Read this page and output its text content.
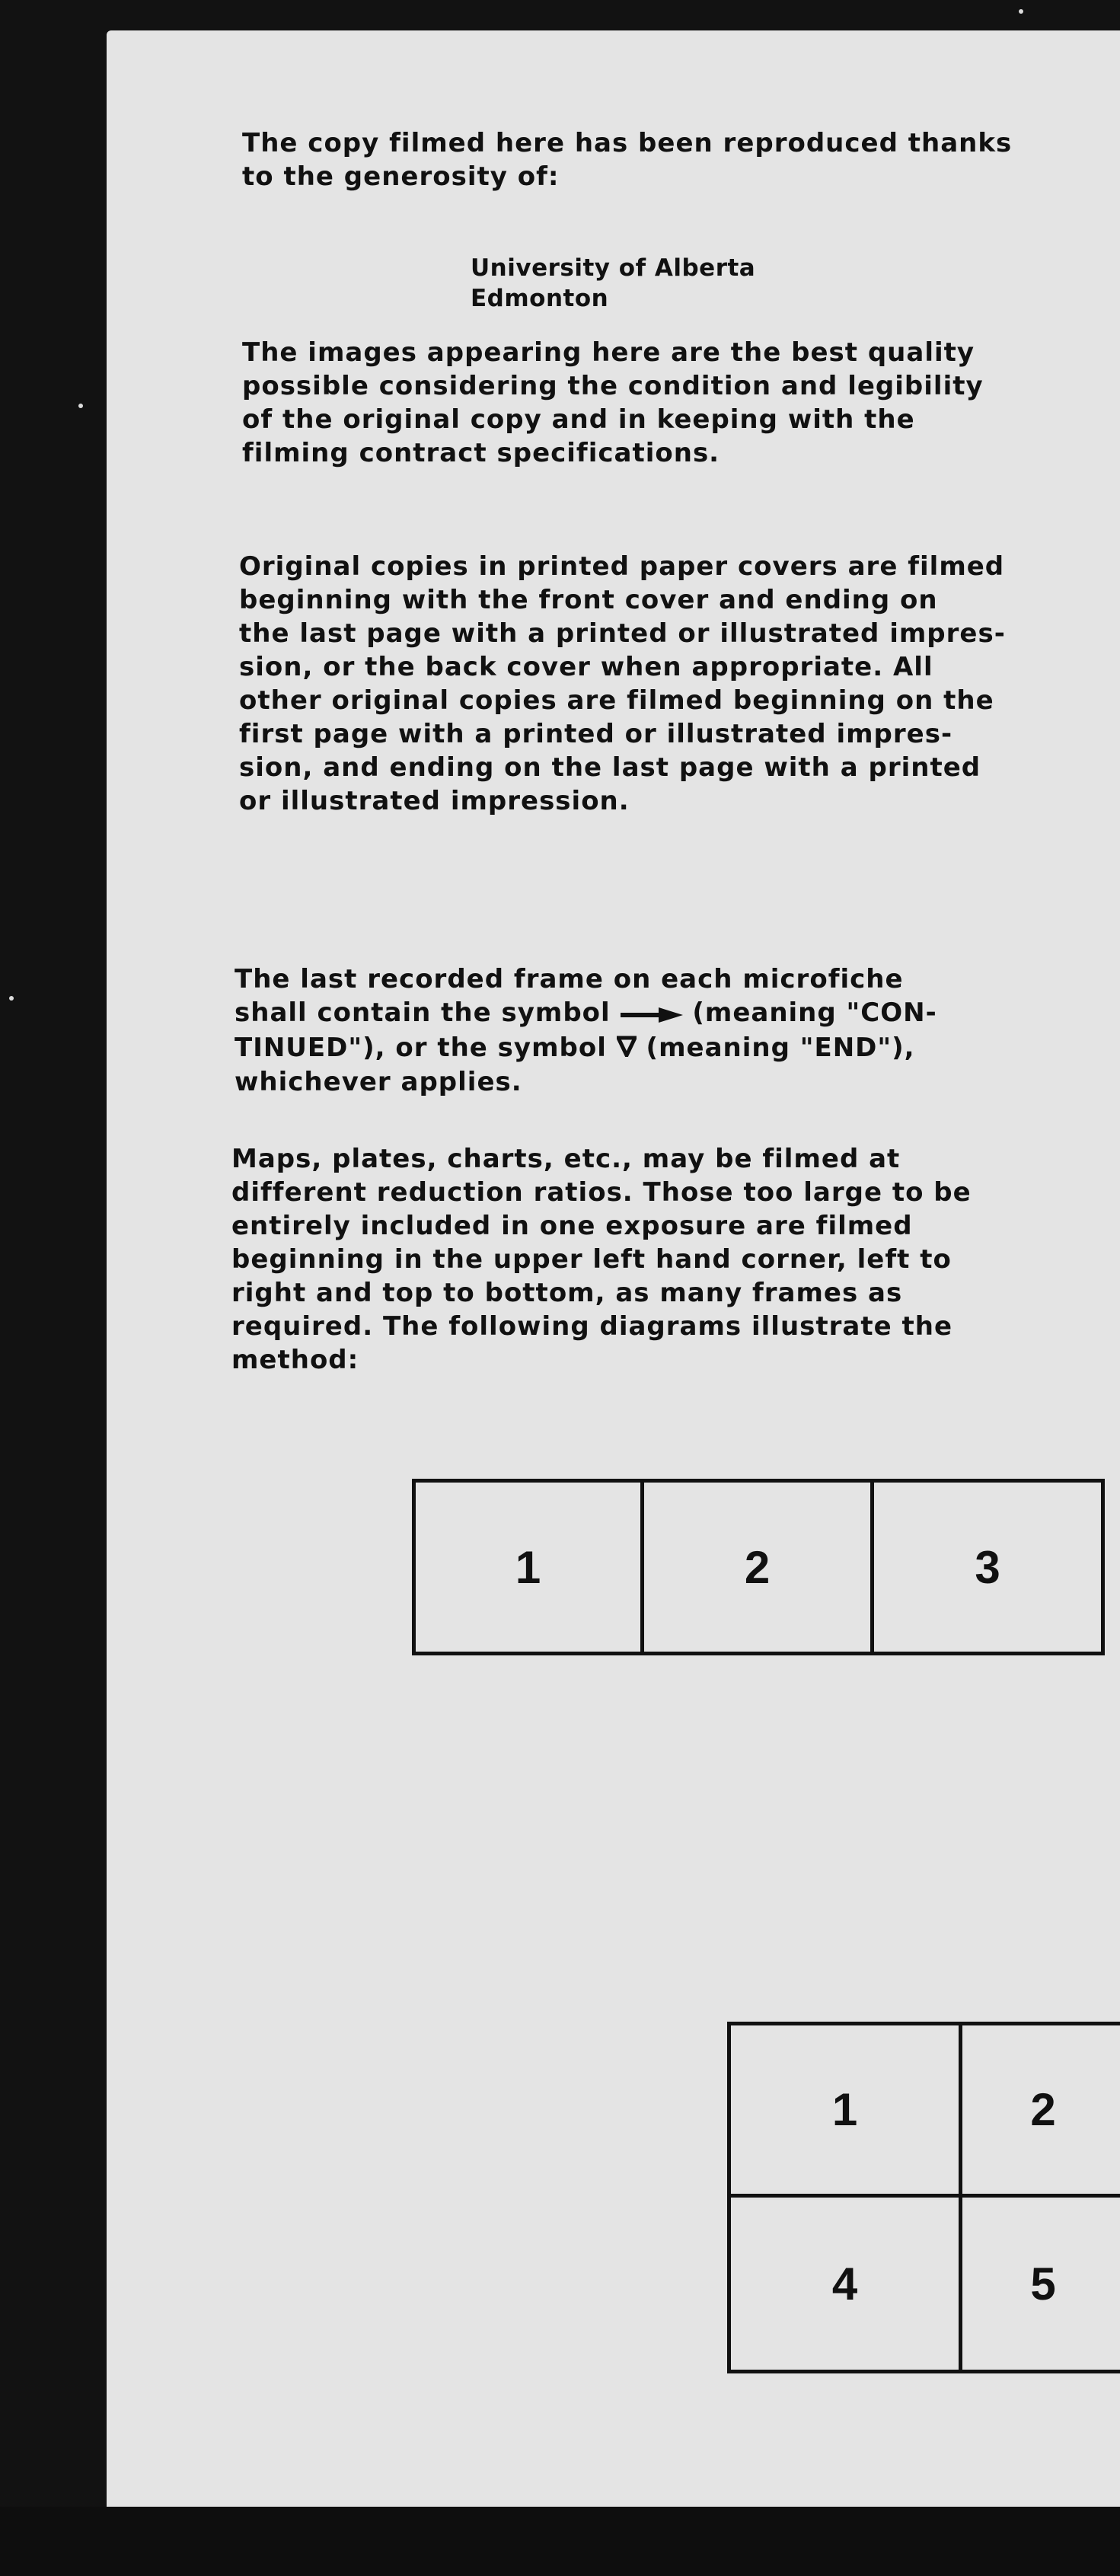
The copy filmed here has been reproduced thanks
to the generosity of:

University of Alberta
Edmonton

The images appearing here are the best quality
possible considering the condition and legibility
of the original copy and in keeping with the
filming contract specifications.

Original copies in printed paper covers are filmed
beginning with the front cover and ending on
the last page with a printed or illustrated impres-
sion, or the back cover when appropriate. All
other original copies are filmed beginning on the
first page with a printed or illustrated impres-
sion, and ending on the last page with a printed
or illustrated impression.

The last recorded frame on each microfiche
shall contain the symbol  (meaning "CON-
TINUED"), or the symbol  (meaning "END"),
whichever applies.

Maps, plates, charts, etc., may be filmed at
different reduction ratios. Those too large to be
entirely included in one exposure are filmed
beginning in the upper left hand corner, left to
right and top to bottom, as many frames as
required. The following diagrams illustrate the
method:

1	2	3
1	2
4	5
